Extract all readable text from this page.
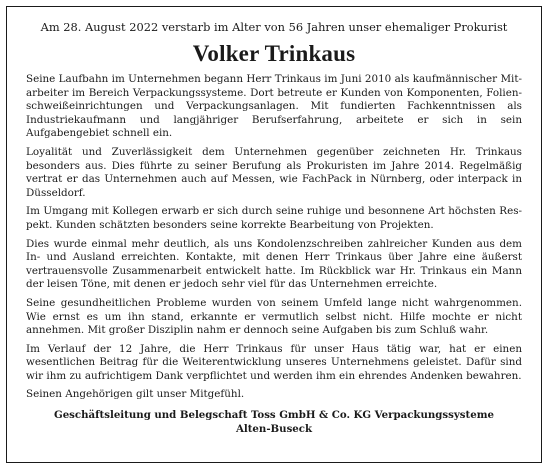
Am 28. August 2022 verstarb im Alter von 56 Jahren unser ehemaliger Prokurist

Volker Trinkaus

Seine Laufbahn im Unternehmen begann Herr Trinkaus im Juni 2010 als kaufmännischer Mitarbeiter im Bereich Verpackungssysteme. Dort betreute er Kunden von Komponenten, Folienschweißeinrichtungen und Verpackungsanlagen. Mit fundierten Fachkenntnissen als Industriekaufmann und langjähriger Berufserfahrung, arbeitete er sich in sein Aufgabengebiet schnell ein.

Loyalität und Zuverlässigkeit dem Unternehmen gegenüber zeichneten Hr. Trinkaus besonders aus. Dies führte zu seiner Berufung als Prokuristen im Jahre 2014. Regelmäßig vertrat er das Unternehmen auch auf Messen, wie FachPack in Nürnberg, oder interpack in Düsseldorf.

Im Umgang mit Kollegen erwarb er sich durch seine ruhige und besonnene Art höchsten Respekt. Kunden schätzten besonders seine korrekte Bearbeitung von Projekten.

Dies wurde einmal mehr deutlich, als uns Kondolenzschreiben zahlreicher Kunden aus dem In- und Ausland erreichten. Kontakte, mit denen Herr Trinkaus über Jahre eine äußerst vertrauensvolle Zusammenarbeit entwickelt hatte. Im Rückblick war Hr. Trinkaus ein Mann der leisen Töne, mit denen er jedoch sehr viel für das Unternehmen erreichte.

Seine gesundheitlichen Probleme wurden von seinem Umfeld lange nicht wahrgenommen. Wie ernst es um ihn stand, erkannte er vermutlich selbst nicht. Hilfe mochte er nicht annehmen. Mit großer Disziplin nahm er dennoch seine Aufgaben bis zum Schluß wahr.

Im Verlauf der 12 Jahre, die Herr Trinkaus für unser Haus tätig war, hat er einen wesentlichen Beitrag für die Weiterentwicklung unseres Unternehmens geleistet. Dafür sind wir ihm zu aufrichtigem Dank verpflichtet und werden ihm ein ehrendes Andenken bewahren.

Seinen Angehörigen gilt unser Mitgefühl.

Geschäftsleitung und Belegschaft Toss GmbH & Co. KG Verpackungssysteme

Alten-Buseck
